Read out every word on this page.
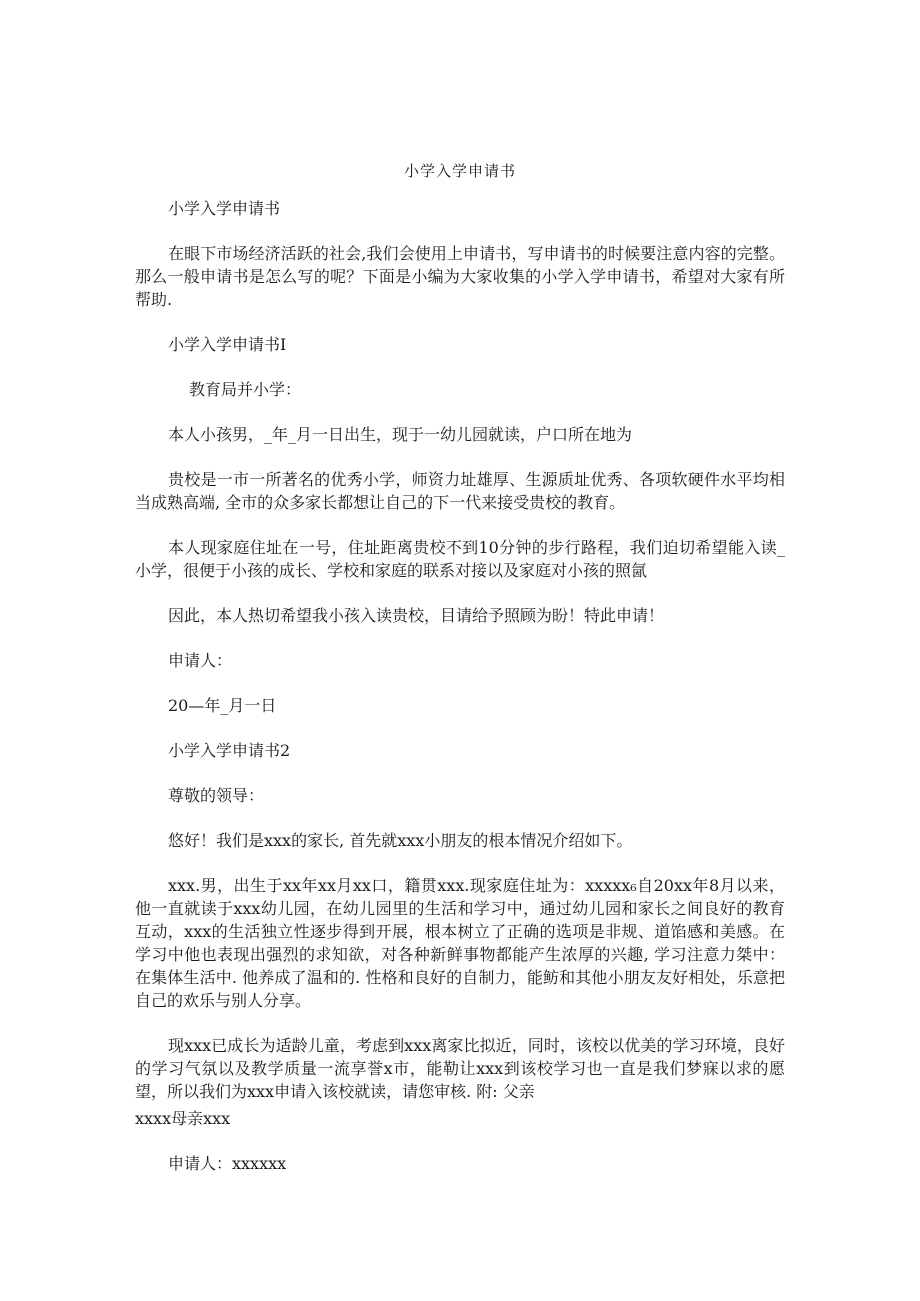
小学入学申请书

小学入学申请书

在眼下市场经济活跃的社会,我们会使用上申请书，写申请书的时候要注意内容的完整。那么一般申请书是怎么写的呢？下面是小编为大家收集的小学入学申请书，希望对大家有所帮助.

小学入学申请书I

教育局并小学：

本人小孩男，_年_月一日出生，现于一幼儿园就读，户口所在地为

贵校是一市一所著名的优秀小学，师资力址雄厚、生源质址优秀、各项软硬件水平均相当成熟高端, 全市的众多家长都想让自己的下一代来接受贵校的教育。

本人现家庭住址在一号，住址距离贵校不到10分钟的步行路程，我们迫切希望能入读_小学，很便于小孩的成长、学校和家庭的联系对接以及家庭对小孩的照氤

因此，本人热切希望我小孩入读贵校，目请给予照顾为盼！特此申请！

申请人：

20—年_月一日

小学入学申请书2

尊敬的领导：

悠好！我们是xxx的家长, 首先就xxx小朋友的根本情况介绍如下。

xxx.男，出生于xx年xx月xx口，籍贯xxx.现家庭住址为：xxxxx₆自20xx年8月以来，他一直就读于xxx幼儿园，在幼儿园里的生活和学习中，通过幼儿园和家长之间良好的教育互动，xxx的生活独立性逐步得到开展，根本树立了正确的选项是非规、道馅感和美感。在学习中他也表现出强烈的求知欲，对各种新鲜事物都能产生浓厚的兴趣, 学习注意力桀中：在集体生活中. 他养成了温和的. 性格和良好的自制力，能鲂和其他小朋友友好相处，乐意把自己的欢乐与别人分享。

现xxx已成长为适龄儿童，考虑到xxx离家比拟近，同时，该校以优美的学习环境，良好的学习气氛以及教学质量一流享誉x市，能勒让xxx到该校学习也一直是我们梦寐以求的愿望，所以我们为xxx申请入该校就读，请您审核. 附: 父亲

xxxx母亲xxx

申请人：xxxxxx
